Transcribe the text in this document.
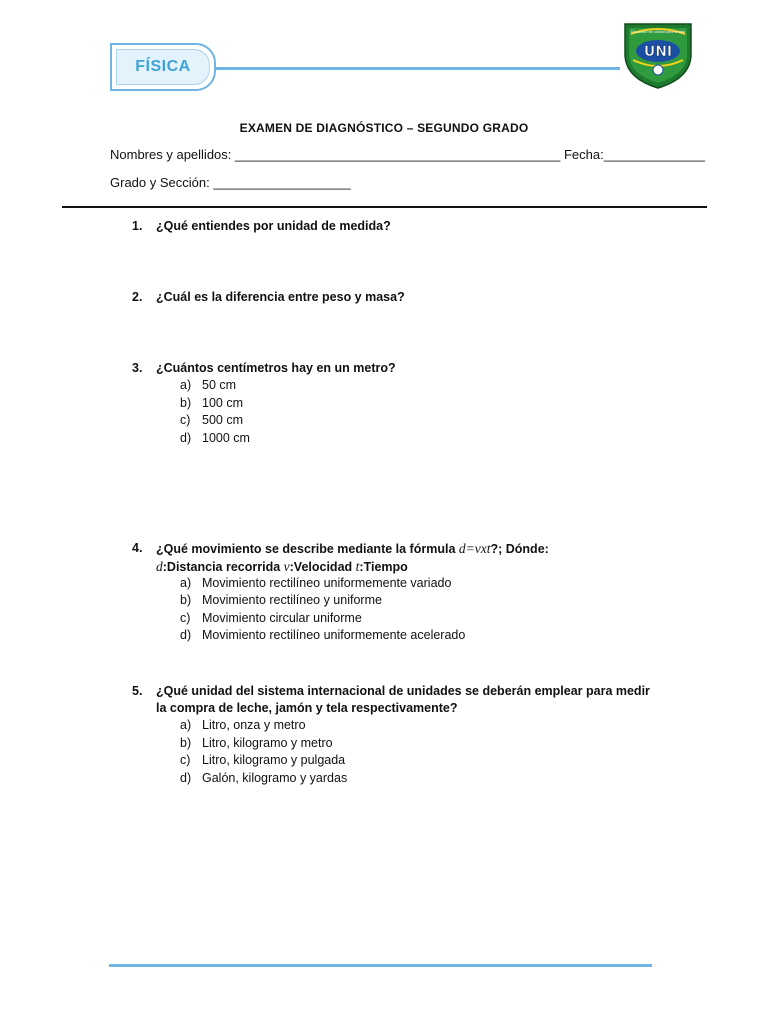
FÍSICA
Educación de calidad para la vida
UNI
EXAMEN DE DIAGNÓSTICO – SEGUNDO GRADO
Nombres y apellidos: _____________________________________________ Fecha:______________
Grado y Sección: ___________________
1. ¿Qué entiendes por unidad de medida?
2. ¿Cuál es la diferencia entre peso y masa?
3. ¿Cuántos centímetros hay en un metro?
a) 50 cm
b) 100 cm
c) 500 cm
d) 1000 cm
4. ¿Qué movimiento se describe mediante la fórmula d=vxt?; Dónde:
d:Distancia recorrida v:Velocidad t:Tiempo
a) Movimiento rectilíneo uniformemente variado
b) Movimiento rectilíneo y uniforme
c) Movimiento circular uniforme
d) Movimiento rectilíneo uniformemente acelerado
5. ¿Qué unidad del sistema internacional de unidades se deberán emplear para medir
la compra de leche, jamón y tela respectivamente?
a) Litro, onza y metro
b) Litro, kilogramo y metro
c) Litro, kilogramo y pulgada
d) Galón, kilogramo y yardas
